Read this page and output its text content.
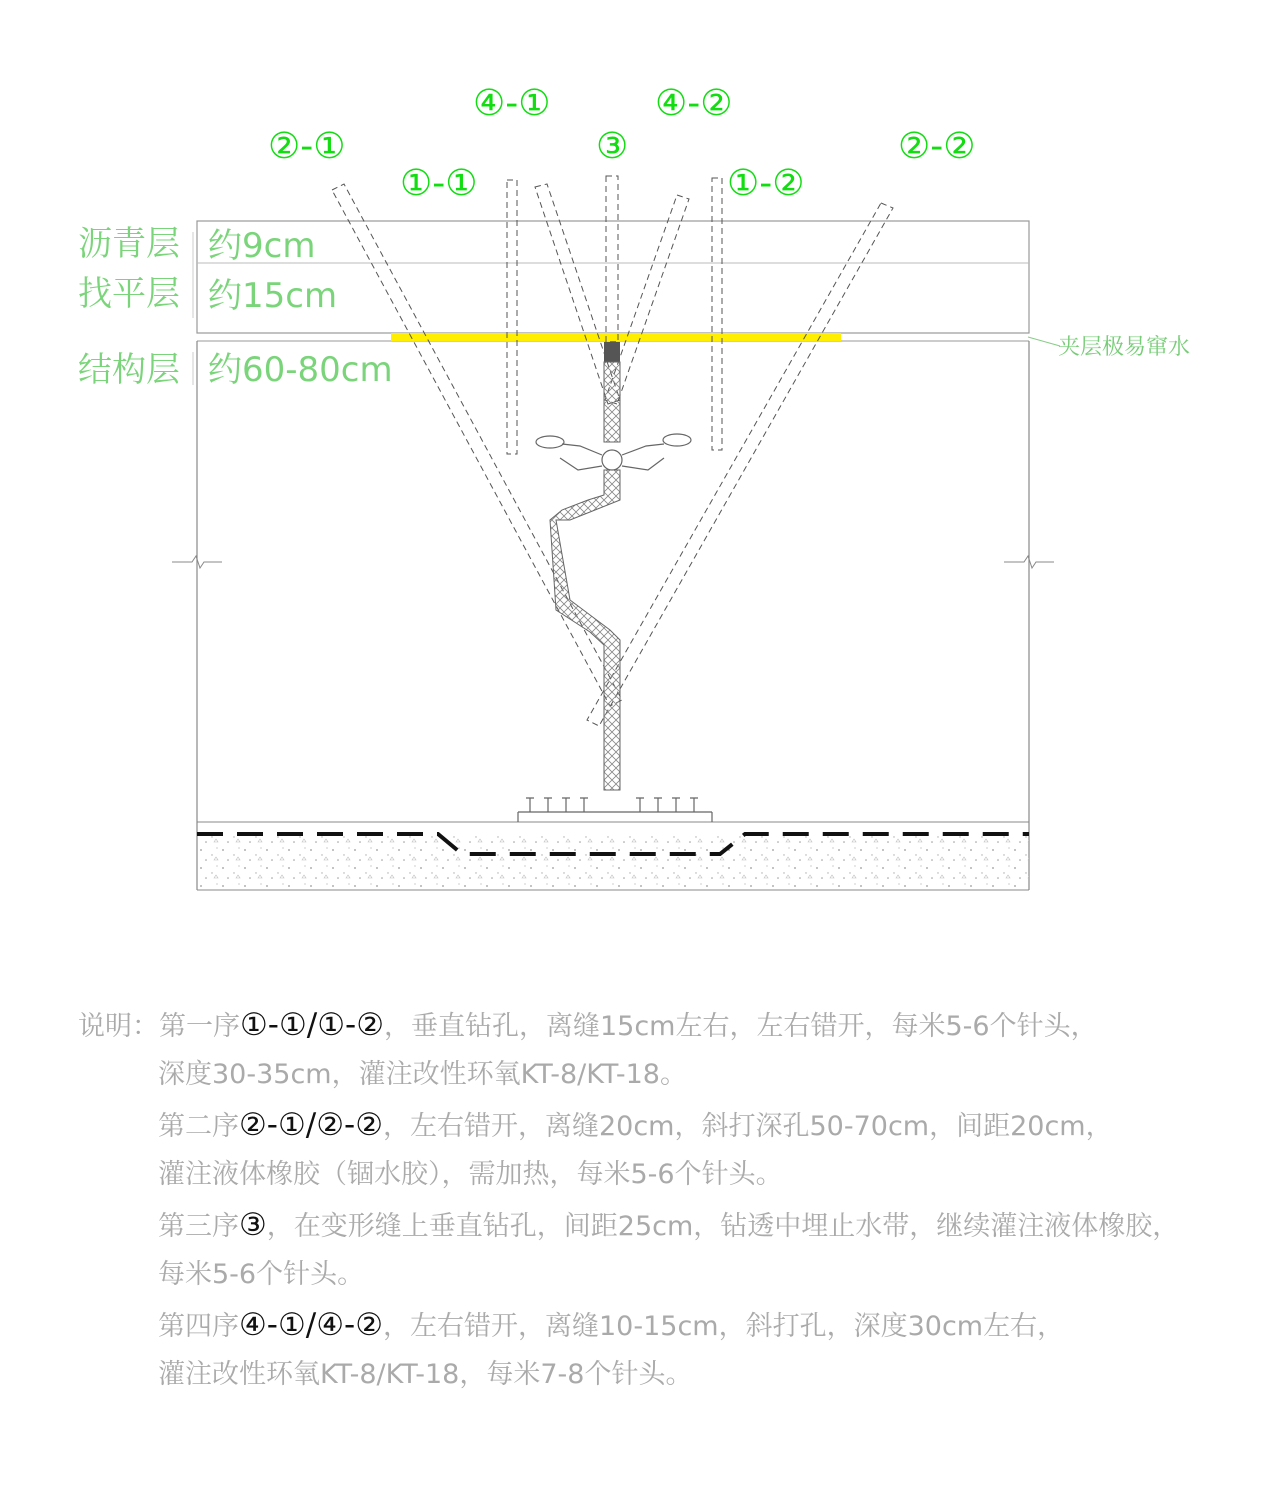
④-①	④-②
②-①	③	②-②
①-①	①-②
夹层极易窜水
沥青层 约9cm
找平层 约15cm
结构层 约60-80cm
说明：第一序①-①/①-②，垂直钻孔，离缝15cm左右，左右错开，每米5-6个针头，
深度30-35cm，灌注改性环氧KT-8/KT-18。
第二序②-①/②-②，左右错开，离缝20cm，斜打深孔50-70cm，间距20cm，
灌注液体橡胶（锢水胶），需加热，每米5-6个针头。
第三序③，在变形缝上垂直钻孔，间距25cm，钻透中埋止水带，继续灌注液体橡胶，
每米5-6个针头。
第四序④-①/④-②，左右错开，离缝10-15cm，斜打孔，深度30cm左右，
灌注改性环氧KT-8/KT-18，每米7-8个针头。
